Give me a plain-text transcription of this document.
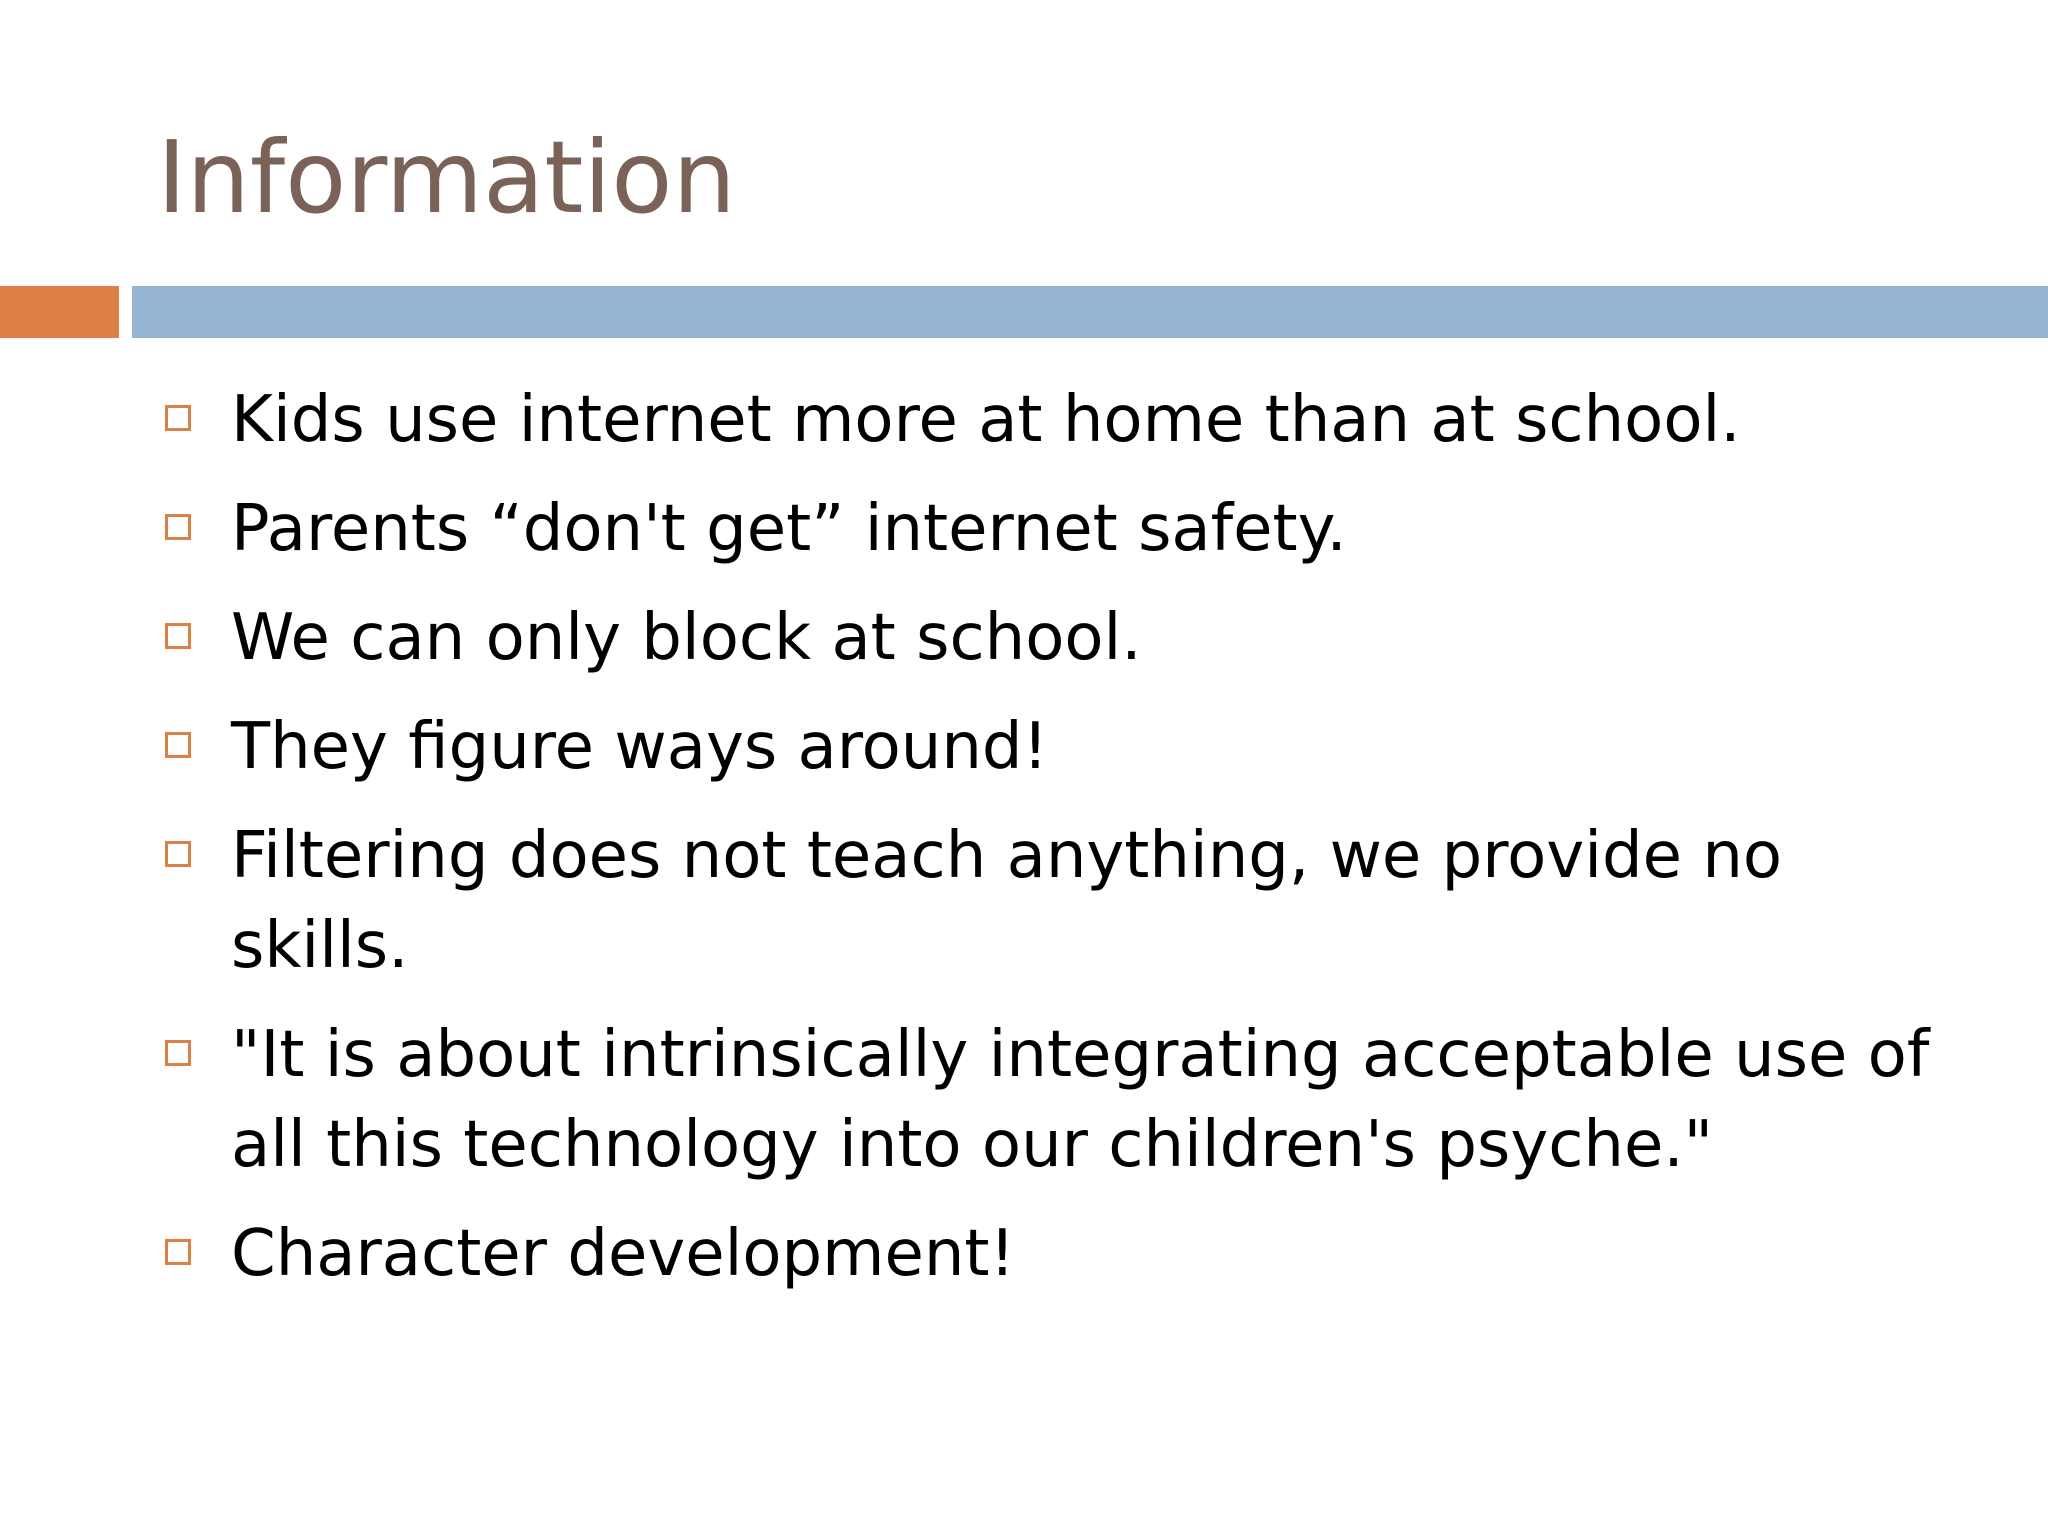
Information
Kids use internet more at home than at school.
Parents “don't get” internet safety.
We can only block at school.
They figure ways around!
Filtering does not teach anything, we provide no skills.
"It is about intrinsically integrating acceptable use of all this technology into our children's psyche."
Character development!
